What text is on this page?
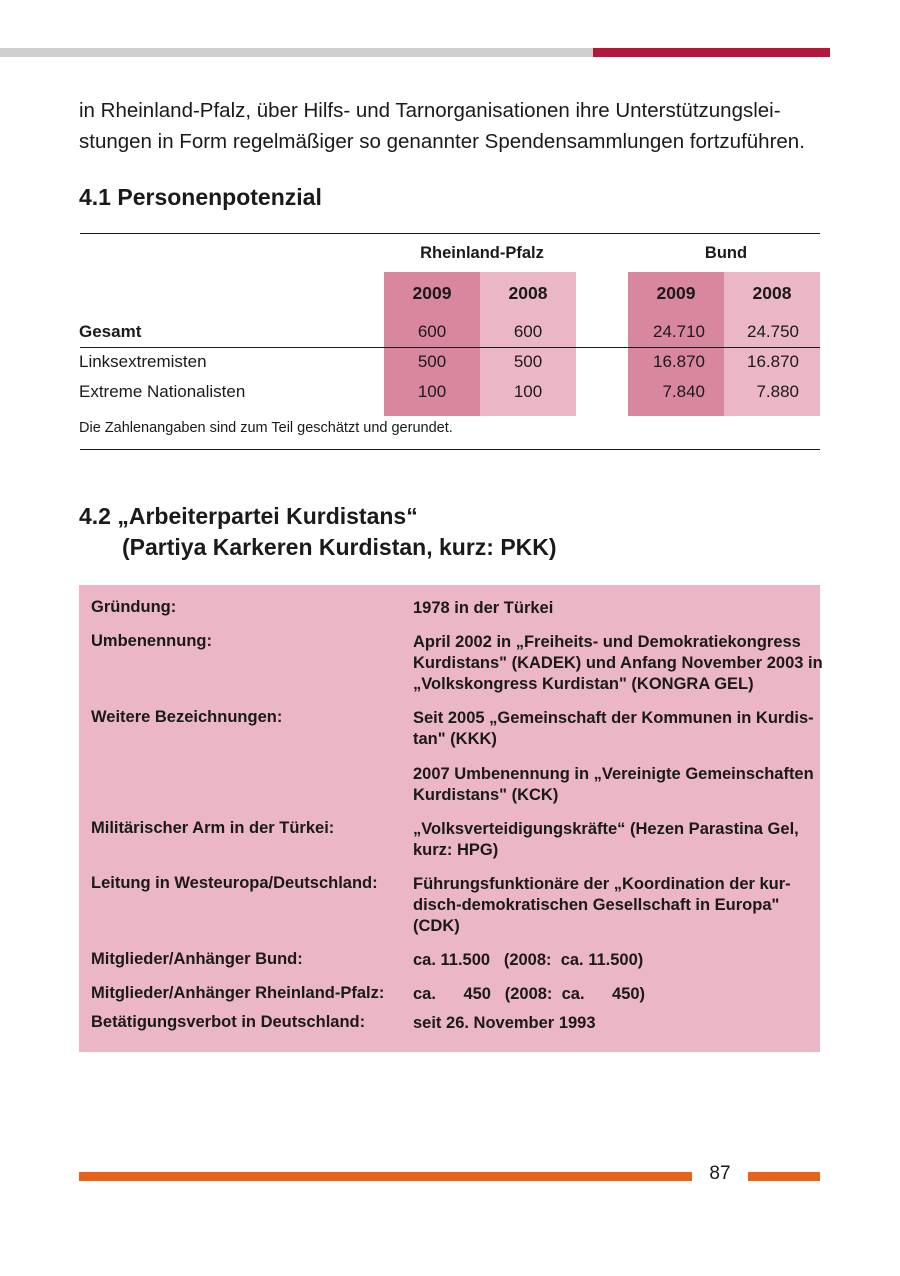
in Rheinland-Pfalz, über Hilfs- und Tarnorganisationen ihre Unterstützungslei-
stungen in Form regelmäßiger so genannter Spendensammlungen fortzuführen.
4.1 Personenpotenzial
Rheinland-Pfalz	Bund
2009	2008	2009	2008
Gesamt	600	600	24.710	24.750
Linksextremisten	500	500	16.870	16.870
Extreme Nationalisten	100	100	7.840	7.880
Die Zahlenangaben sind zum Teil geschätzt und gerundet.
4.2 „Arbeiterpartei Kurdistans“
(Partiya Karkeren Kurdistan, kurz: PKK)
Gründung:	1978 in der Türkei
Umbenennung:	April 2002 in „Freiheits- und Demokratiekongress Kurdistans" (KADEK) und Anfang November 2003 in „Volkskongress Kurdistan" (KONGRA GEL)
Weitere Bezeichnungen:	Seit 2005 „Gemeinschaft der Kommunen in Kurdis-tan" (KKK)
2007 Umbenennung in „Vereinigte Gemeinschaften Kurdistans" (KCK)
Militärischer Arm in der Türkei:	„Volksverteidigungskräfte“ (Hezen Parastina Gel, kurz: HPG)
Leitung in Westeuropa/Deutschland: Führungsfunktionäre der „Koordination der kur-disch-demokratischen Gesellschaft in Europa" (CDK)
Mitglieder/Anhänger Bund:	ca. 11.500   (2008:  ca. 11.500)
Mitglieder/Anhänger Rheinland-Pfalz: ca.      450   (2008:  ca.      450)
Betätigungsverbot in Deutschland:	seit 26. November 1993
87
